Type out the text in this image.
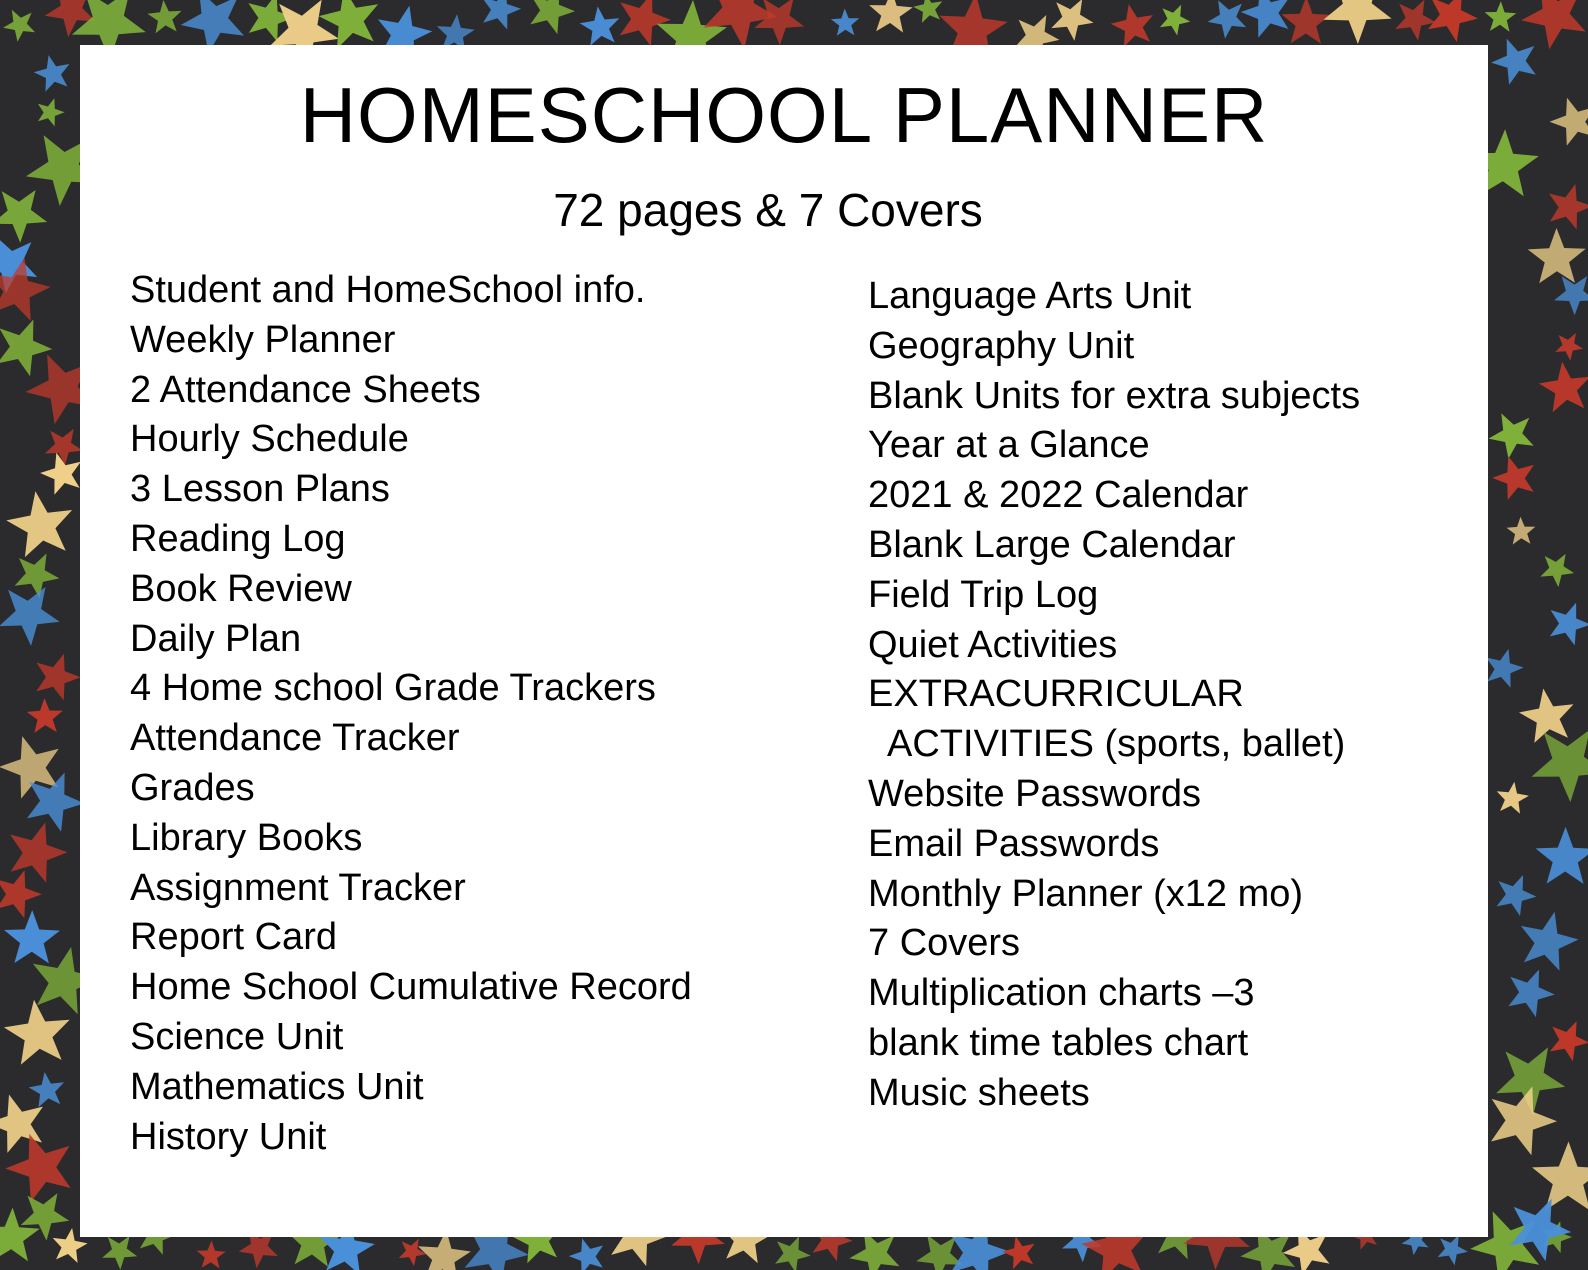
HOMESCHOOL PLANNER
72 pages & 7 Covers
Student and HomeSchool info.
Weekly Planner
2 Attendance Sheets
Hourly Schedule
3 Lesson Plans
Reading Log
Book Review
Daily Plan
4 Home school Grade Trackers
Attendance Tracker
Grades
Library Books
Assignment Tracker
Report Card
Home School Cumulative Record
Science Unit
Mathematics Unit
History Unit
Language Arts Unit
Geography Unit
Blank Units for extra subjects
Year at a Glance
2021 & 2022 Calendar
Blank Large Calendar
Field Trip Log
Quiet Activities
EXTRACURRICULAR
ACTIVITIES (sports, ballet)
Website Passwords
Email Passwords
Monthly Planner (x12 mo)
7 Covers
Multiplication charts –3
blank time tables chart
Music sheets
